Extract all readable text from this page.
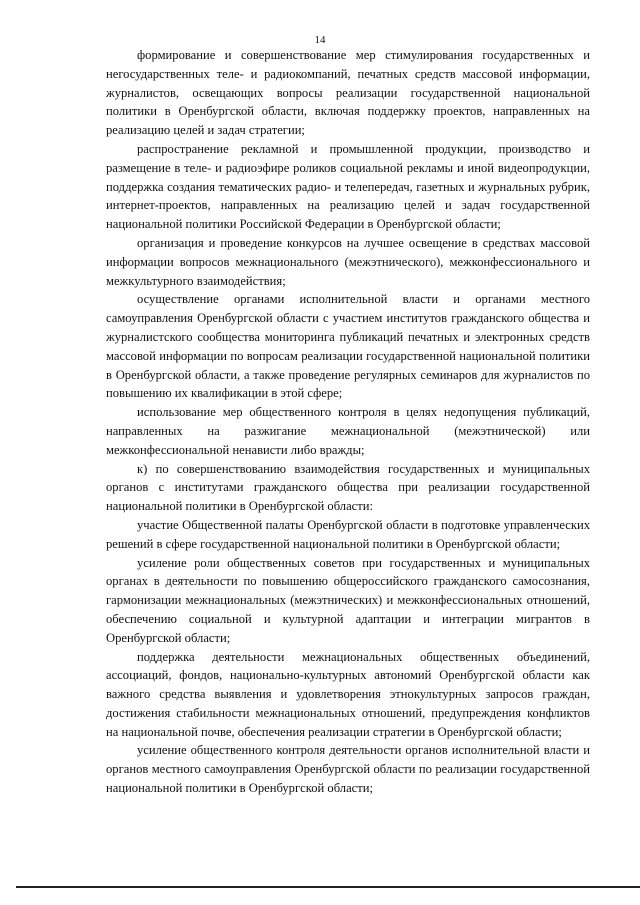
14

формирование и совершенствование мер стимулирования государственных и негосударственных теле- и радиокомпаний, печатных средств массовой информации, журналистов, освещающих вопросы реализации государственной национальной политики в Оренбургской области, включая поддержку проектов, направленных на реализацию целей и задач стратегии;

распространение рекламной и промышленной продукции, производство и размещение в теле- и радиоэфире роликов социальной рекламы и иной видеопродукции, поддержка создания тематических радио- и телепередач, газетных и журнальных рубрик, интернет-проектов, направленных на реализацию целей и задач государственной национальной политики Российской Федерации в Оренбургской области;

организация и проведение конкурсов на лучшее освещение в средствах массовой информации вопросов межнационального (межэтнического), межконфессионального и межкультурного взаимодействия;

осуществление органами исполнительной власти и органами местного самоуправления Оренбургской области с участием институтов гражданского общества и журналистского сообщества мониторинга публикаций печатных и электронных средств массовой информации по вопросам реализации государственной национальной политики в Оренбургской области, а также проведение регулярных семинаров для журналистов по повышению их квалификации в этой сфере;

использование мер общественного контроля в целях недопущения публикаций, направленных на разжигание межнациональной (межэтнической) или межконфессиональной ненависти либо вражды;

к) по совершенствованию взаимодействия государственных и муниципальных органов с институтами гражданского общества при реализации государственной национальной политики в Оренбургской области:

участие Общественной палаты Оренбургской области в подготовке управленческих решений в сфере государственной национальной политики в Оренбургской области;

усиление роли общественных советов при государственных и муниципальных органах в деятельности по повышению общероссийского гражданского самосознания, гармонизации межнациональных (межэтнических) и межконфессиональных отношений, обеспечению социальной и культурной адаптации и интеграции мигрантов в Оренбургской области;

поддержка деятельности межнациональных общественных объединений, ассоциаций, фондов, национально-культурных автономий Оренбургской области как важного средства выявления и удовлетворения этнокультурных запросов граждан, достижения стабильности межнациональных отношений, предупреждения конфликтов на национальной почве, обеспечения реализации стратегии в Оренбургской области;

усиление общественного контроля деятельности органов исполнительной власти и органов местного самоуправления Оренбургской области по реализации государственной национальной политики в Оренбургской области;
